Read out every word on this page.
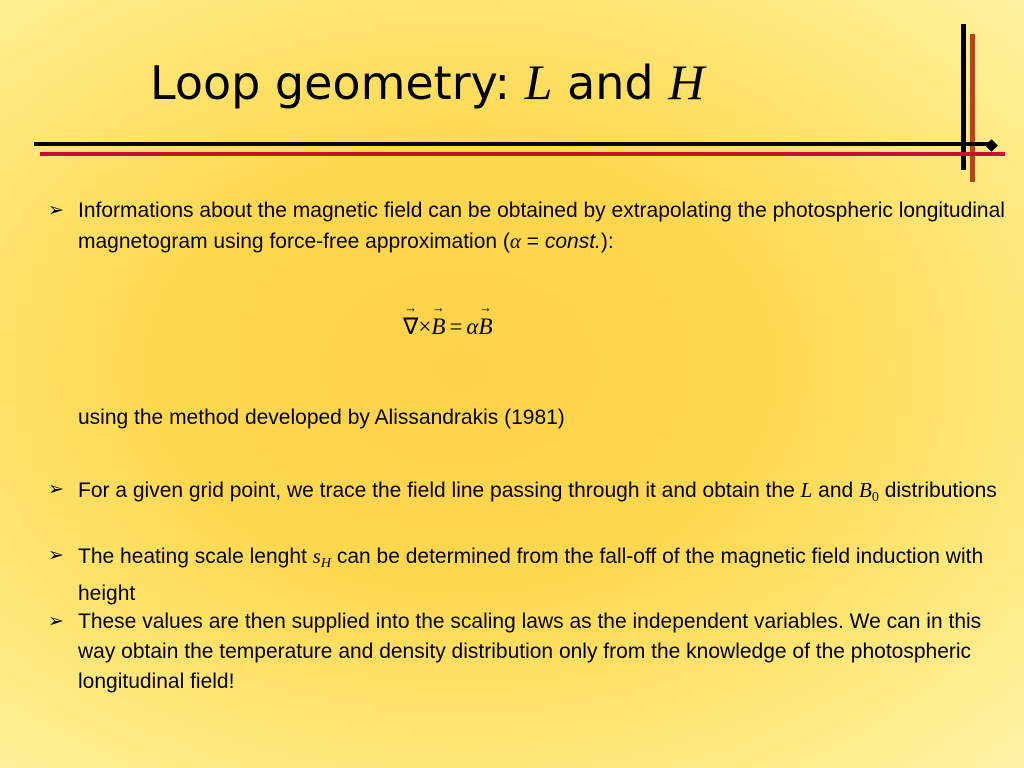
Loop geometry: L and H
➢ Informations about the magnetic field can be obtained by extrapolating the photospheric longitudinal magnetogram using force-free approximation (α = const.):
→ ∇×→ B = α→ B
using the method developed by Alissandrakis (1981)
➢ For a given grid point, we trace the field line passing through it and obtain the L and $B_0$ distributions
➢ The heating scale lenght $s_H$ can be determined from the fall-off of the magnetic field induction with height
➢ These values are then supplied into the scaling laws as the independent variables. We can in this way obtain the temperature and density distribution only from the knowledge of the photospheric longitudinal field!
